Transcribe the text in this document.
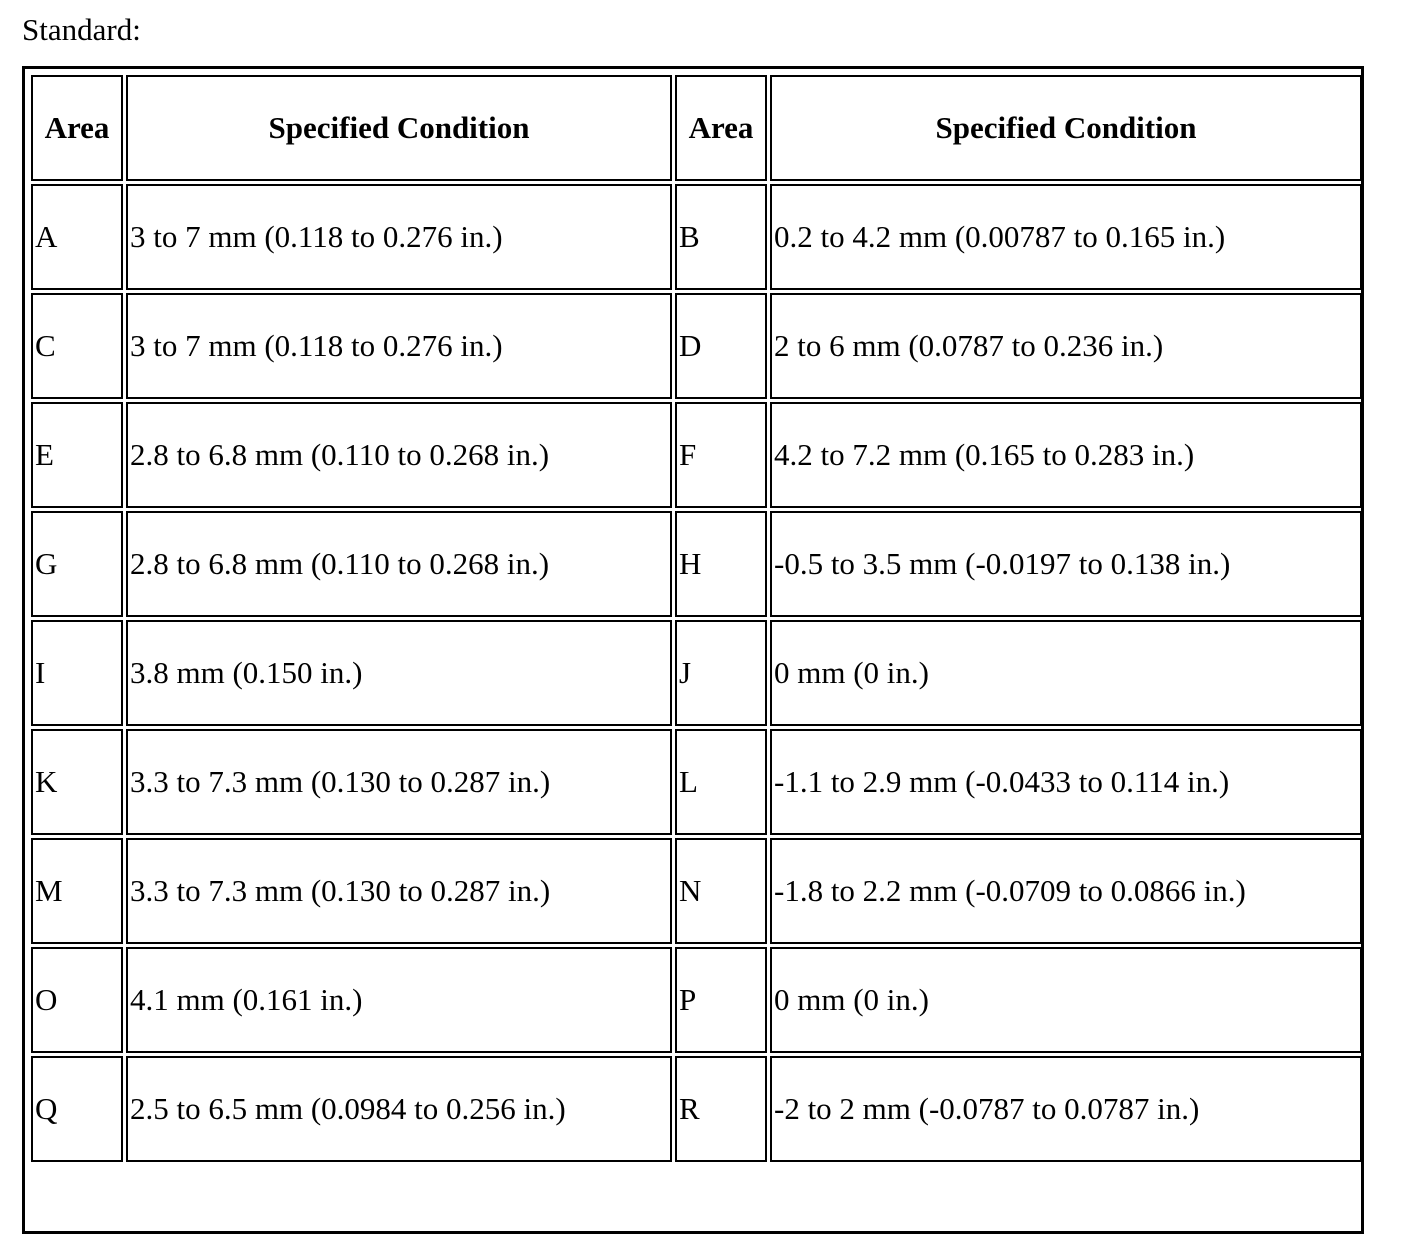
Standard:

Area	Specified Condition	Area	Specified Condition
A	3 to 7 mm (0.118 to 0.276 in.)	B	0.2 to 4.2 mm (0.00787 to 0.165 in.)
C	3 to 7 mm (0.118 to 0.276 in.)	D	2 to 6 mm (0.0787 to 0.236 in.)
E	2.8 to 6.8 mm (0.110 to 0.268 in.)	F	4.2 to 7.2 mm (0.165 to 0.283 in.)
G	2.8 to 6.8 mm (0.110 to 0.268 in.)	H	-0.5 to 3.5 mm (-0.0197 to 0.138 in.)
I	3.8 mm (0.150 in.)	J	0 mm (0 in.)
K	3.3 to 7.3 mm (0.130 to 0.287 in.)	L	-1.1 to 2.9 mm (-0.0433 to 0.114 in.)
M	3.3 to 7.3 mm (0.130 to 0.287 in.)	N	-1.8 to 2.2 mm (-0.0709 to 0.0866 in.)
O	4.1 mm (0.161 in.)	P	0 mm (0 in.)
Q	2.5 to 6.5 mm (0.0984 to 0.256 in.)	R	-2 to 2 mm (-0.0787 to 0.0787 in.)
